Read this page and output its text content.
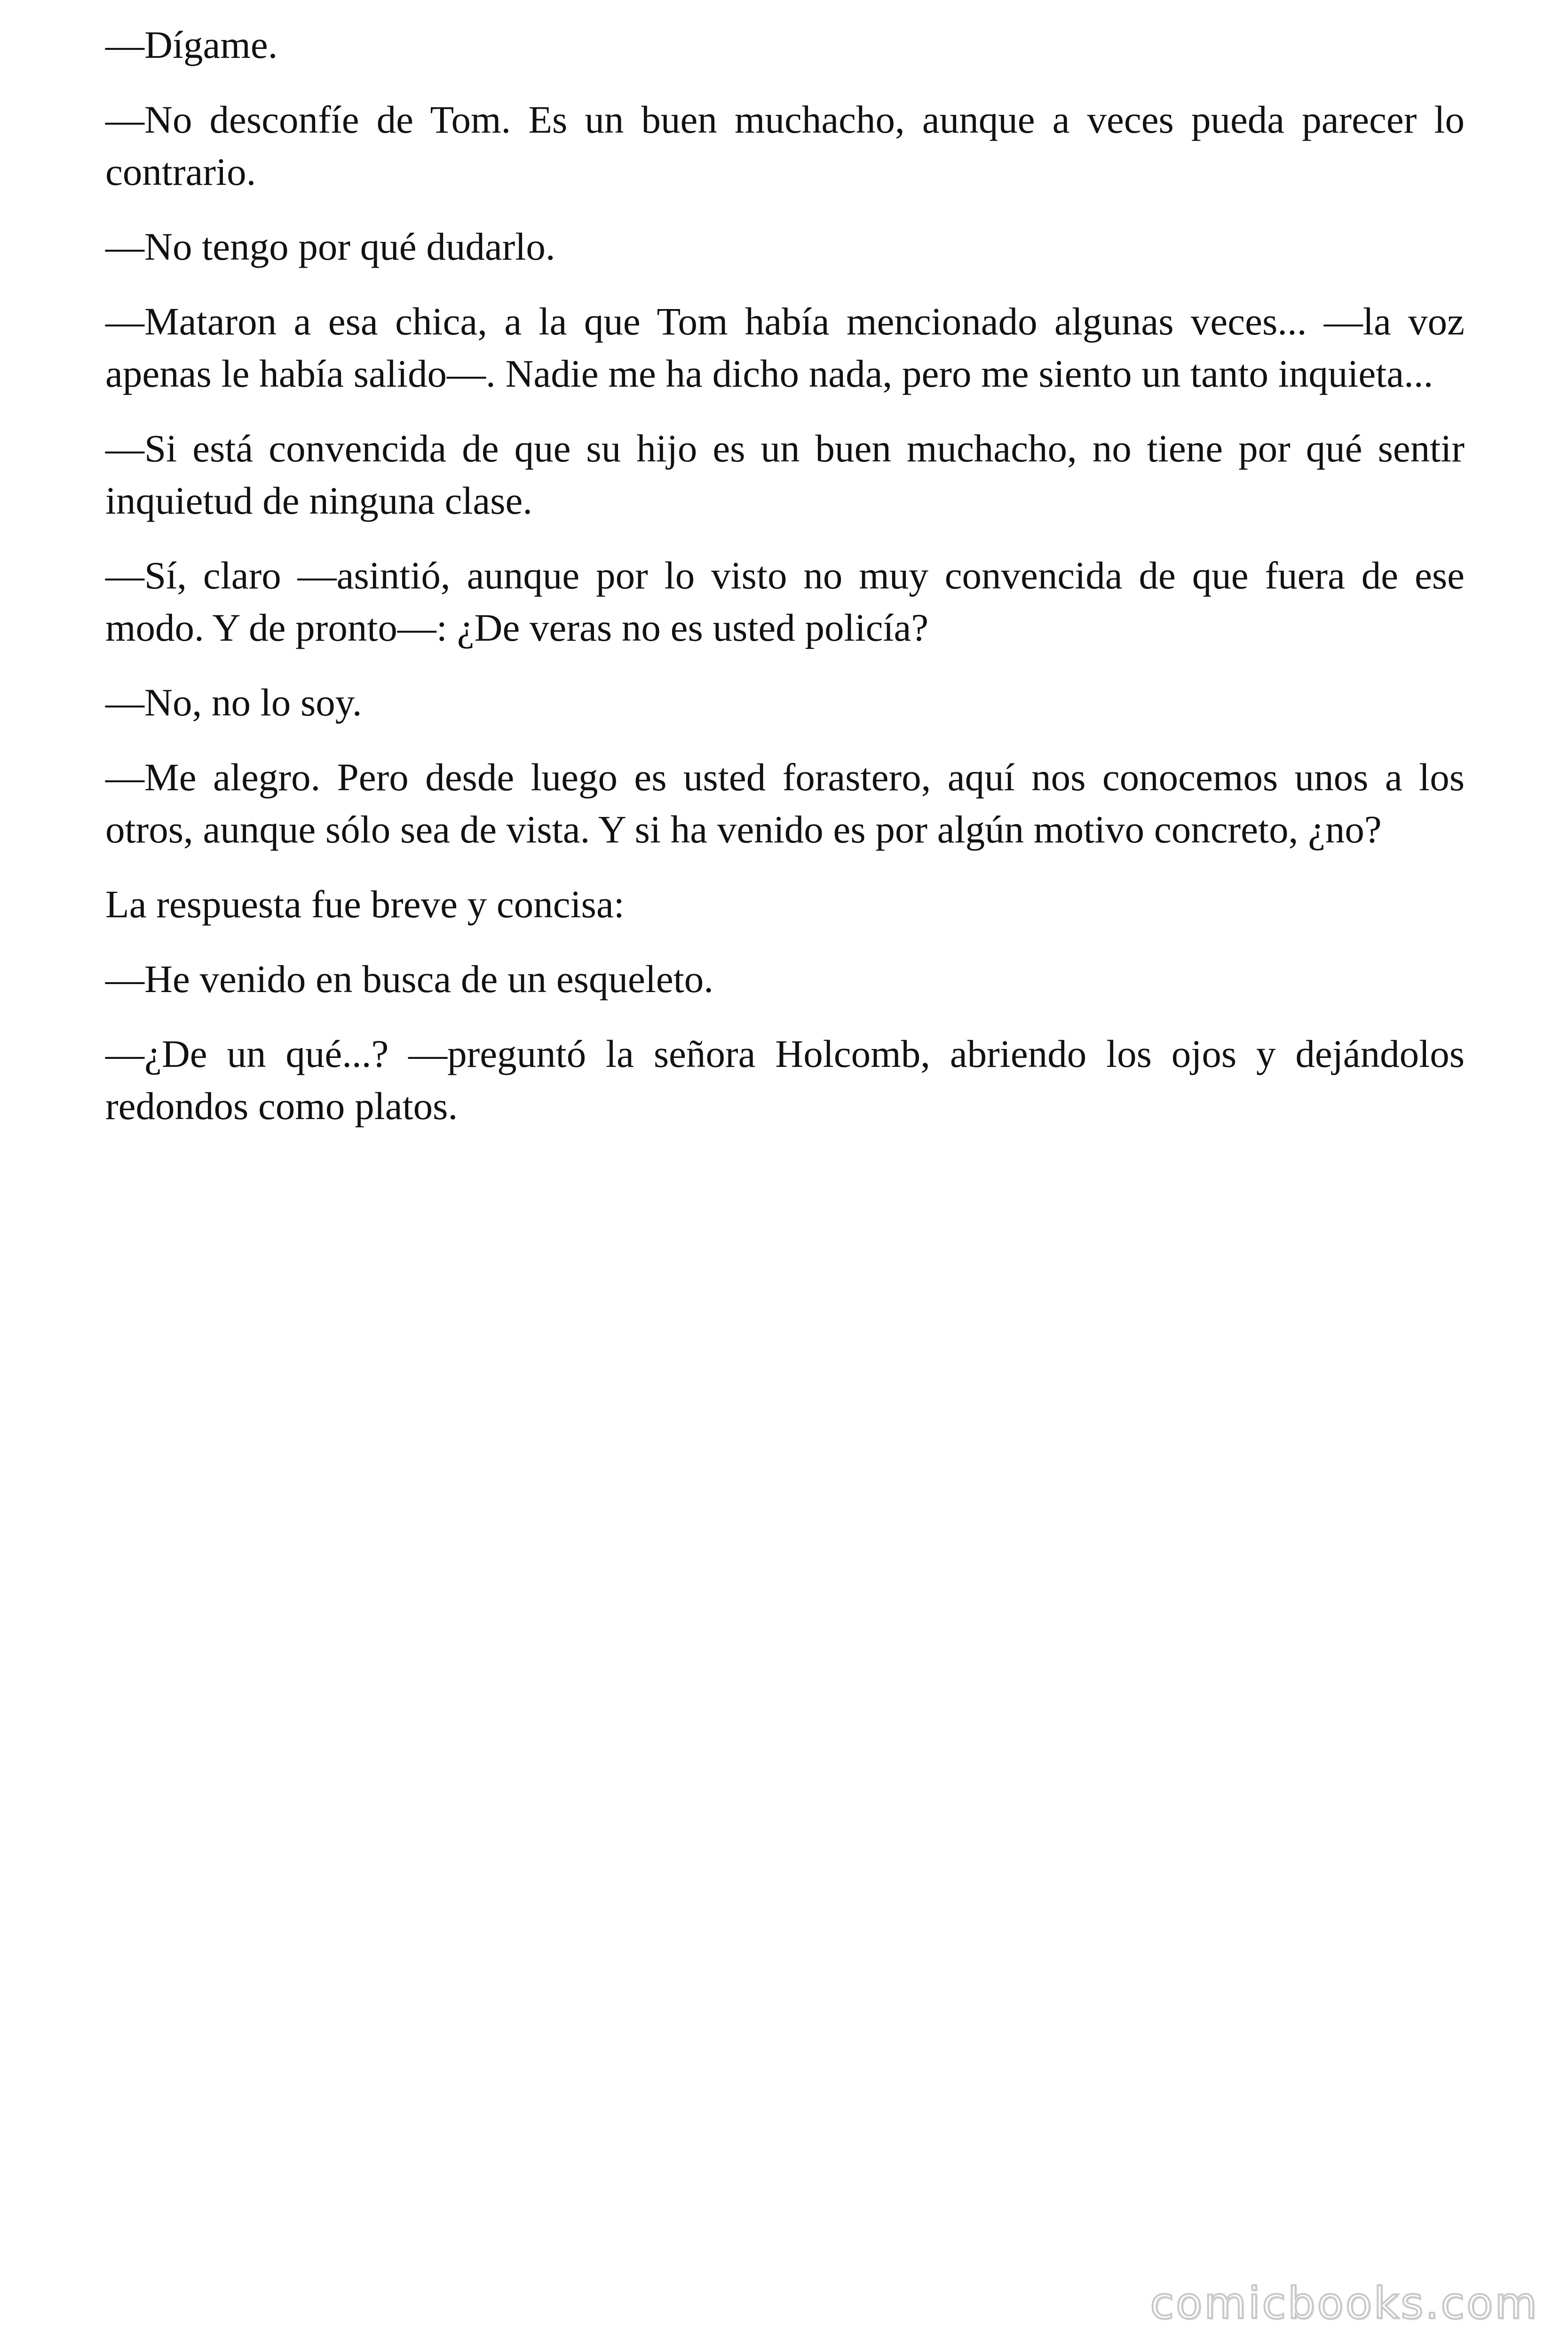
—Dígame.

—No desconfíe de Tom. Es un buen muchacho, aunque a veces pueda parecer lo contrario.

—No tengo por qué dudarlo.

—Mataron a esa chica, a la que Tom había mencionado algunas veces... —la voz apenas le había salido—. Nadie me ha dicho nada, pero me siento un tanto inquieta...

—Si está convencida de que su hijo es un buen muchacho, no tiene por qué sentir inquietud de ninguna clase.

—Sí, claro —asintió, aunque por lo visto no muy convencida de que fuera de ese modo. Y de pronto—: ¿De veras no es usted policía?

—No, no lo soy.

—Me alegro. Pero desde luego es usted forastero, aquí nos conocemos unos a los otros, aunque sólo sea de vista. Y si ha venido es por algún motivo concreto, ¿no?

La respuesta fue breve y concisa:

—He venido en busca de un esqueleto.

—¿De un qué...? —preguntó la señora Holcomb, abriendo los ojos y dejándolos redondos como platos.

comicbooks.com
